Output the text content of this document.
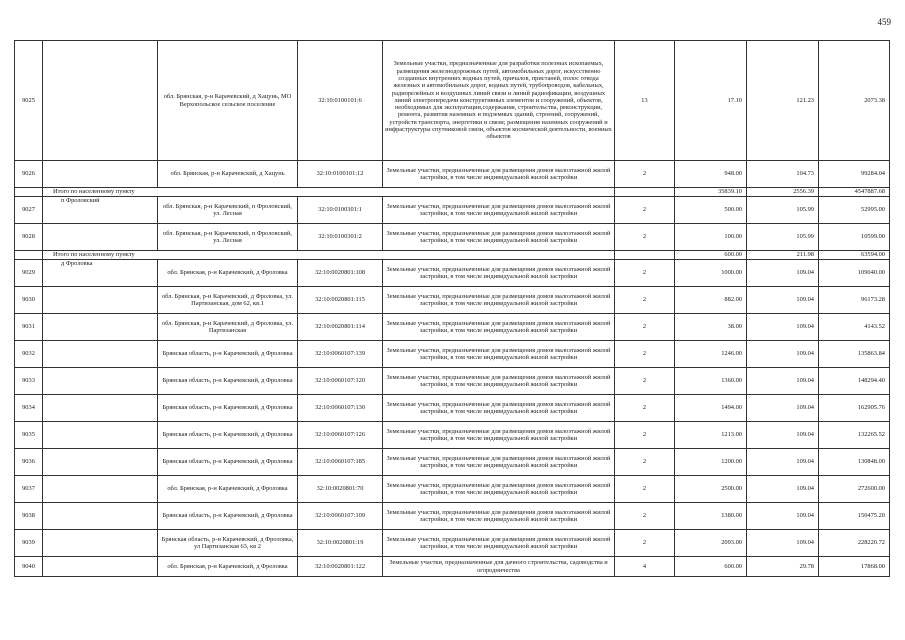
459
9025		обл. Брянская, р-н Карачевский, д Хацунь, МО Верхопольское сельское поселение	32:10:0100101:6	Земельные участки, предназначенные для разработки полезных ископаемых, размещения железнодорожных путей, автомобильных дорог, искусственно созданных внутренних водных путей, причалов, пристаней, полос отвода железных и автомобильных дорог, водных путей, трубопроводов, кабельных, радиорелейных и воздушных линий связи и линий радиофикации, воздушных линий электропередачи конструктивных элементов и сооружений, объектов, необходимых для эксплуатации,содержания, строительства, реконструкции, ремонта, развития наземных и подземных зданий, строений, сооружений, устройств транспорта, энергетики и связи; размещения наземных сооружений и инфраструктуры спутниковой связи, объектов космической деятельности, военных объектов	13	17.10	121.23	2073.38
9026		обл. Брянская, р-н Карачевский, д Хацунь	32:10:0100101:12	Земельные участки, предназначенные для размещения домов малоэтажной жилой застройки, в том числе индивидуальной жилой застройки	2	948.00	104.73	99284.04
	Итого по населенному пункту					35839.10	2556.39	4547887.68
9027	п Фроловский	обл. Брянская, р-н Карачевский, п Фроловский, ул. Лесная	32:10:0100301:1	Земельные участки, предназначенные для размещения домов малоэтажной жилой застройки, в том числе индивидуальной жилой застройки	2	500.00	105.99	52995.00
9028		обл. Брянская, р-н Карачевский, п Фроловский, ул. Лесная	32:10:0100301:2	Земельные участки, предназначенные для размещения домов малоэтажной жилой застройки, в том числе индивидуальной жилой застройки	2	100.00	105.99	10599.00
	Итого по населенному пункту					600.00	211.98	63594.00
9029	д Фроловка	обл. Брянская, р-н Карачевский, д Фроловка	32:10:0020801:108	Земельные участки, предназначенные для размещения домов малоэтажной жилой застройки, в том числе индивидуальной жилой застройки	2	1000.00	109.04	109040.00
9030		обл. Брянская, р-н Карачевский, д Фроловка, ул. Партизанская, дом 62, кв.1	32:10:0020801:115	Земельные участки, предназначенные для размещения домов малоэтажной жилой застройки, в том числе индивидуальной жилой застройки	2	882.00	109.04	96173.28
9031		обл. Брянская, р-н Карачевский, д Фроловка, ул. Партизанская	32:10:0020801:114	Земельные участки, предназначенные для размещения домов малоэтажной жилой застройки, в том числе индивидуальной жилой застройки	2	38.00	109.04	4143.52
9032		Брянская область, р-н Карачевский, д Фроловка	32:10:0060107:139	Земельные участки, предназначенные для размещения домов малоэтажной жилой застройки, в том числе индивидуальной жилой застройки	2	1246.00	109.04	135863.84
9033		Брянская область, р-н Карачевский, д Фроловка	32:10:0060107:120	Земельные участки, предназначенные для размещения домов малоэтажной жилой застройки, в том числе индивидуальной жилой застройки	2	1360.00	109.04	148294.40
9034		Брянская область, р-н Карачевский, д Фроловка	32:10:0060107:130	Земельные участки, предназначенные для размещения домов малоэтажной жилой застройки, в том числе индивидуальной жилой застройки	2	1494.00	109.04	162905.76
9035		Брянская область, р-н Карачевский, д Фроловка	32:10:0060107:126	Земельные участки, предназначенные для размещения домов малоэтажной жилой застройки, в том числе индивидуальной жилой застройки	2	1213.00	109.04	132265.52
9036		Брянская область, р-н Карачевский, д Фроловка	32:10:0060107:185	Земельные участки, предназначенные для размещения домов малоэтажной жилой застройки, в том числе индивидуальной жилой застройки	2	1200.00	109.04	130848.00
9037		обл. Брянская, р-н Карачевский, д Фроловка	32:10:0020801:70	Земельные участки, предназначенные для размещения домов малоэтажной жилой застройки, в том числе индивидуальной жилой застройки	2	2500.00	109.04	272600.00
9038		Брянская область, р-н Карачевский, д Фроловка	32:10:0060107:109	Земельные участки, предназначенные для размещения домов малоэтажной жилой застройки, в том числе индивидуальной жилой застройки	2	1380.00	109.04	150475.20
9039		Брянская область, р-н Карачевский, д Фроловка, ул Партизанская 63, кв 2	32:10:0020801:19	Земельные участки, предназначенные для размещения домов малоэтажной жилой застройки, в том числе индивидуальной жилой застройки	2	2093.00	109.04	228220.72
9040		обл. Брянская, р-н Карачевский, д Фроловка	32:10:0020801:122	Земельные участки, предназначенные для дачного строительства, садоводства и огородничества	4	600.00	29.78	17868.00
